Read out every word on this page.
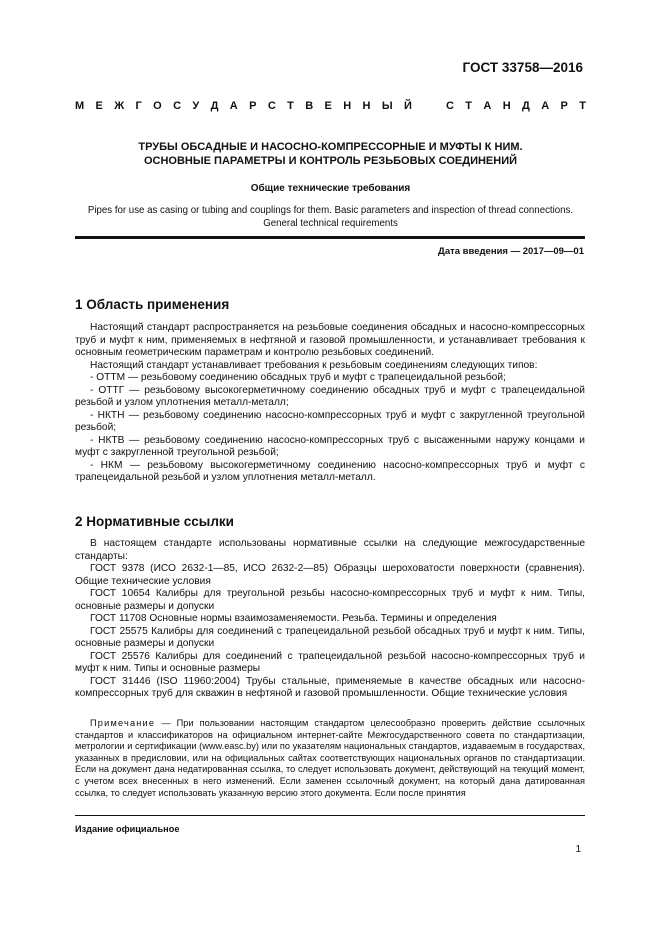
ГОСТ 33758—2016
М Е Ж Г О С У Д А Р С Т В Е Н Н Ы Й	С Т А Н Д А Р Т
ТРУБЫ ОБСАДНЫЕ И НАСОСНО-КОМПРЕССОРНЫЕ И МУФТЫ К НИМ.
ОСНОВНЫЕ ПАРАМЕТРЫ И КОНТРОЛЬ РЕЗЬБОВЫХ СОЕДИНЕНИЙ
Общие технические требования
Pipes for use as casing or tubing and couplings for them. Basic parameters and inspection of thread connections.
General technical requirements
Дата введения — 2017—09—01
1 Область применения

Настоящий стандарт распространяется на резьбовые соединения обсадных и насосно-компрессорных труб и муфт к ним, применяемых в нефтяной и газовой промышленности, и устанавливает требования к основным геометрическим параметрам и контролю резьбовых соединений.

Настоящий стандарт устанавливает требования к резьбовым соединениям следующих типов:

- ОТТМ — резьбовому соединению обсадных труб и муфт с трапецеидальной резьбой;

- ОТТГ — резьбовому высокогерметичному соединению обсадных труб и муфт с трапецеидальной резьбой и узлом уплотнения металл-металл;

- НКТН — резьбовому соединению насосно-компрессорных труб и муфт с закругленной треугольной резьбой;

- НКТВ — резьбовому соединению насосно-компрессорных труб с высаженными наружу концами и муфт с закругленной треугольной резьбой;

- НКМ — резьбовому высокогерметичному соединению насосно-компрессорных труб и муфт с трапецеидальной резьбой и узлом уплотнения металл-металл.

2 Нормативные ссылки

В настоящем стандарте использованы нормативные ссылки на следующие межгосударственные стандарты:

ГОСТ 9378 (ИСО 2632-1—85, ИСО 2632-2—85) Образцы шероховатости поверхности (сравнения). Общие технические условия

ГОСТ 10654 Калибры для треугольной резьбы насосно-компрессорных труб и муфт к ним. Типы, основные размеры и допуски

ГОСТ 11708 Основные нормы взаимозаменяемости. Резьба. Термины и определения

ГОСТ 25575 Калибры для соединений с трапецеидальной резьбой обсадных труб и муфт к ним. Типы, основные размеры и допуски

ГОСТ 25576 Калибры для соединений с трапецеидальной резьбой насосно-компрессорных труб и муфт к ним. Типы и основные размеры

ГОСТ 31446 (ISO 11960:2004) Трубы стальные, применяемые в качестве обсадных или насосно-компрессорных труб для скважин в нефтяной и газовой промышленности. Общие технические условия

Примечание — При пользовании настоящим стандартом целесообразно проверить действие ссылочных стандартов и классификаторов на официальном интернет-сайте Межгосударственного совета по стандартизации, метрологии и сертификации (www.easc.by) или по указателям национальных стандартов, издаваемым в государствах, указанных в предисловии, или на официальных сайтах соответствующих национальных органов по стандартизации. Если на документ дана недатированная ссылка, то следует использовать документ, действующий на текущий момент, с учетом всех внесенных в него изменений. Если заменен ссылочный документ, на который дана датированная ссылка, то следует использовать указанную версию этого документа. Если после принятия
Издание официальное
1
